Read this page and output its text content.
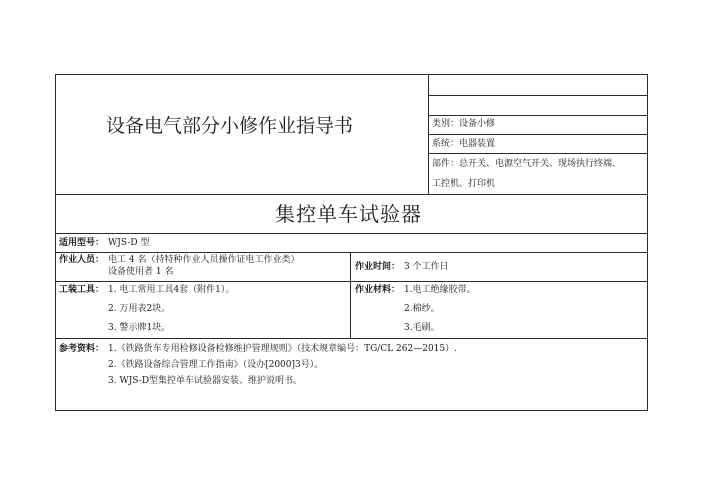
设备电气部分小修作业指导书	类别：设备小修
系统：电器装置
部件：总开关、电源空气开关、现场执行终端、
工控机、打印机
集控单车试验器
适用型号： WJS-D 型
作业人员： 电工 4 名（持特种作业人员操作证电工作业类）
设备使用者 1 名	作业时间： 3 个工作日
工装工具： 1. 电工常用工具4套（附件1）。
2. 万用表2块。
3. 警示牌1块。
作业材料： 1.电工绝缘胶带。
2.棉纱。
3.毛刷。
参考资料： 1.《铁路货车专用检修设备检修维护管理规则》（技术规章编号：TG/CL 262—2015）.
2.《铁路设备综合管理工作指南》（设办[2000]3号）。
3. WJS-D型集控单车试验器安装、维护说明书。
